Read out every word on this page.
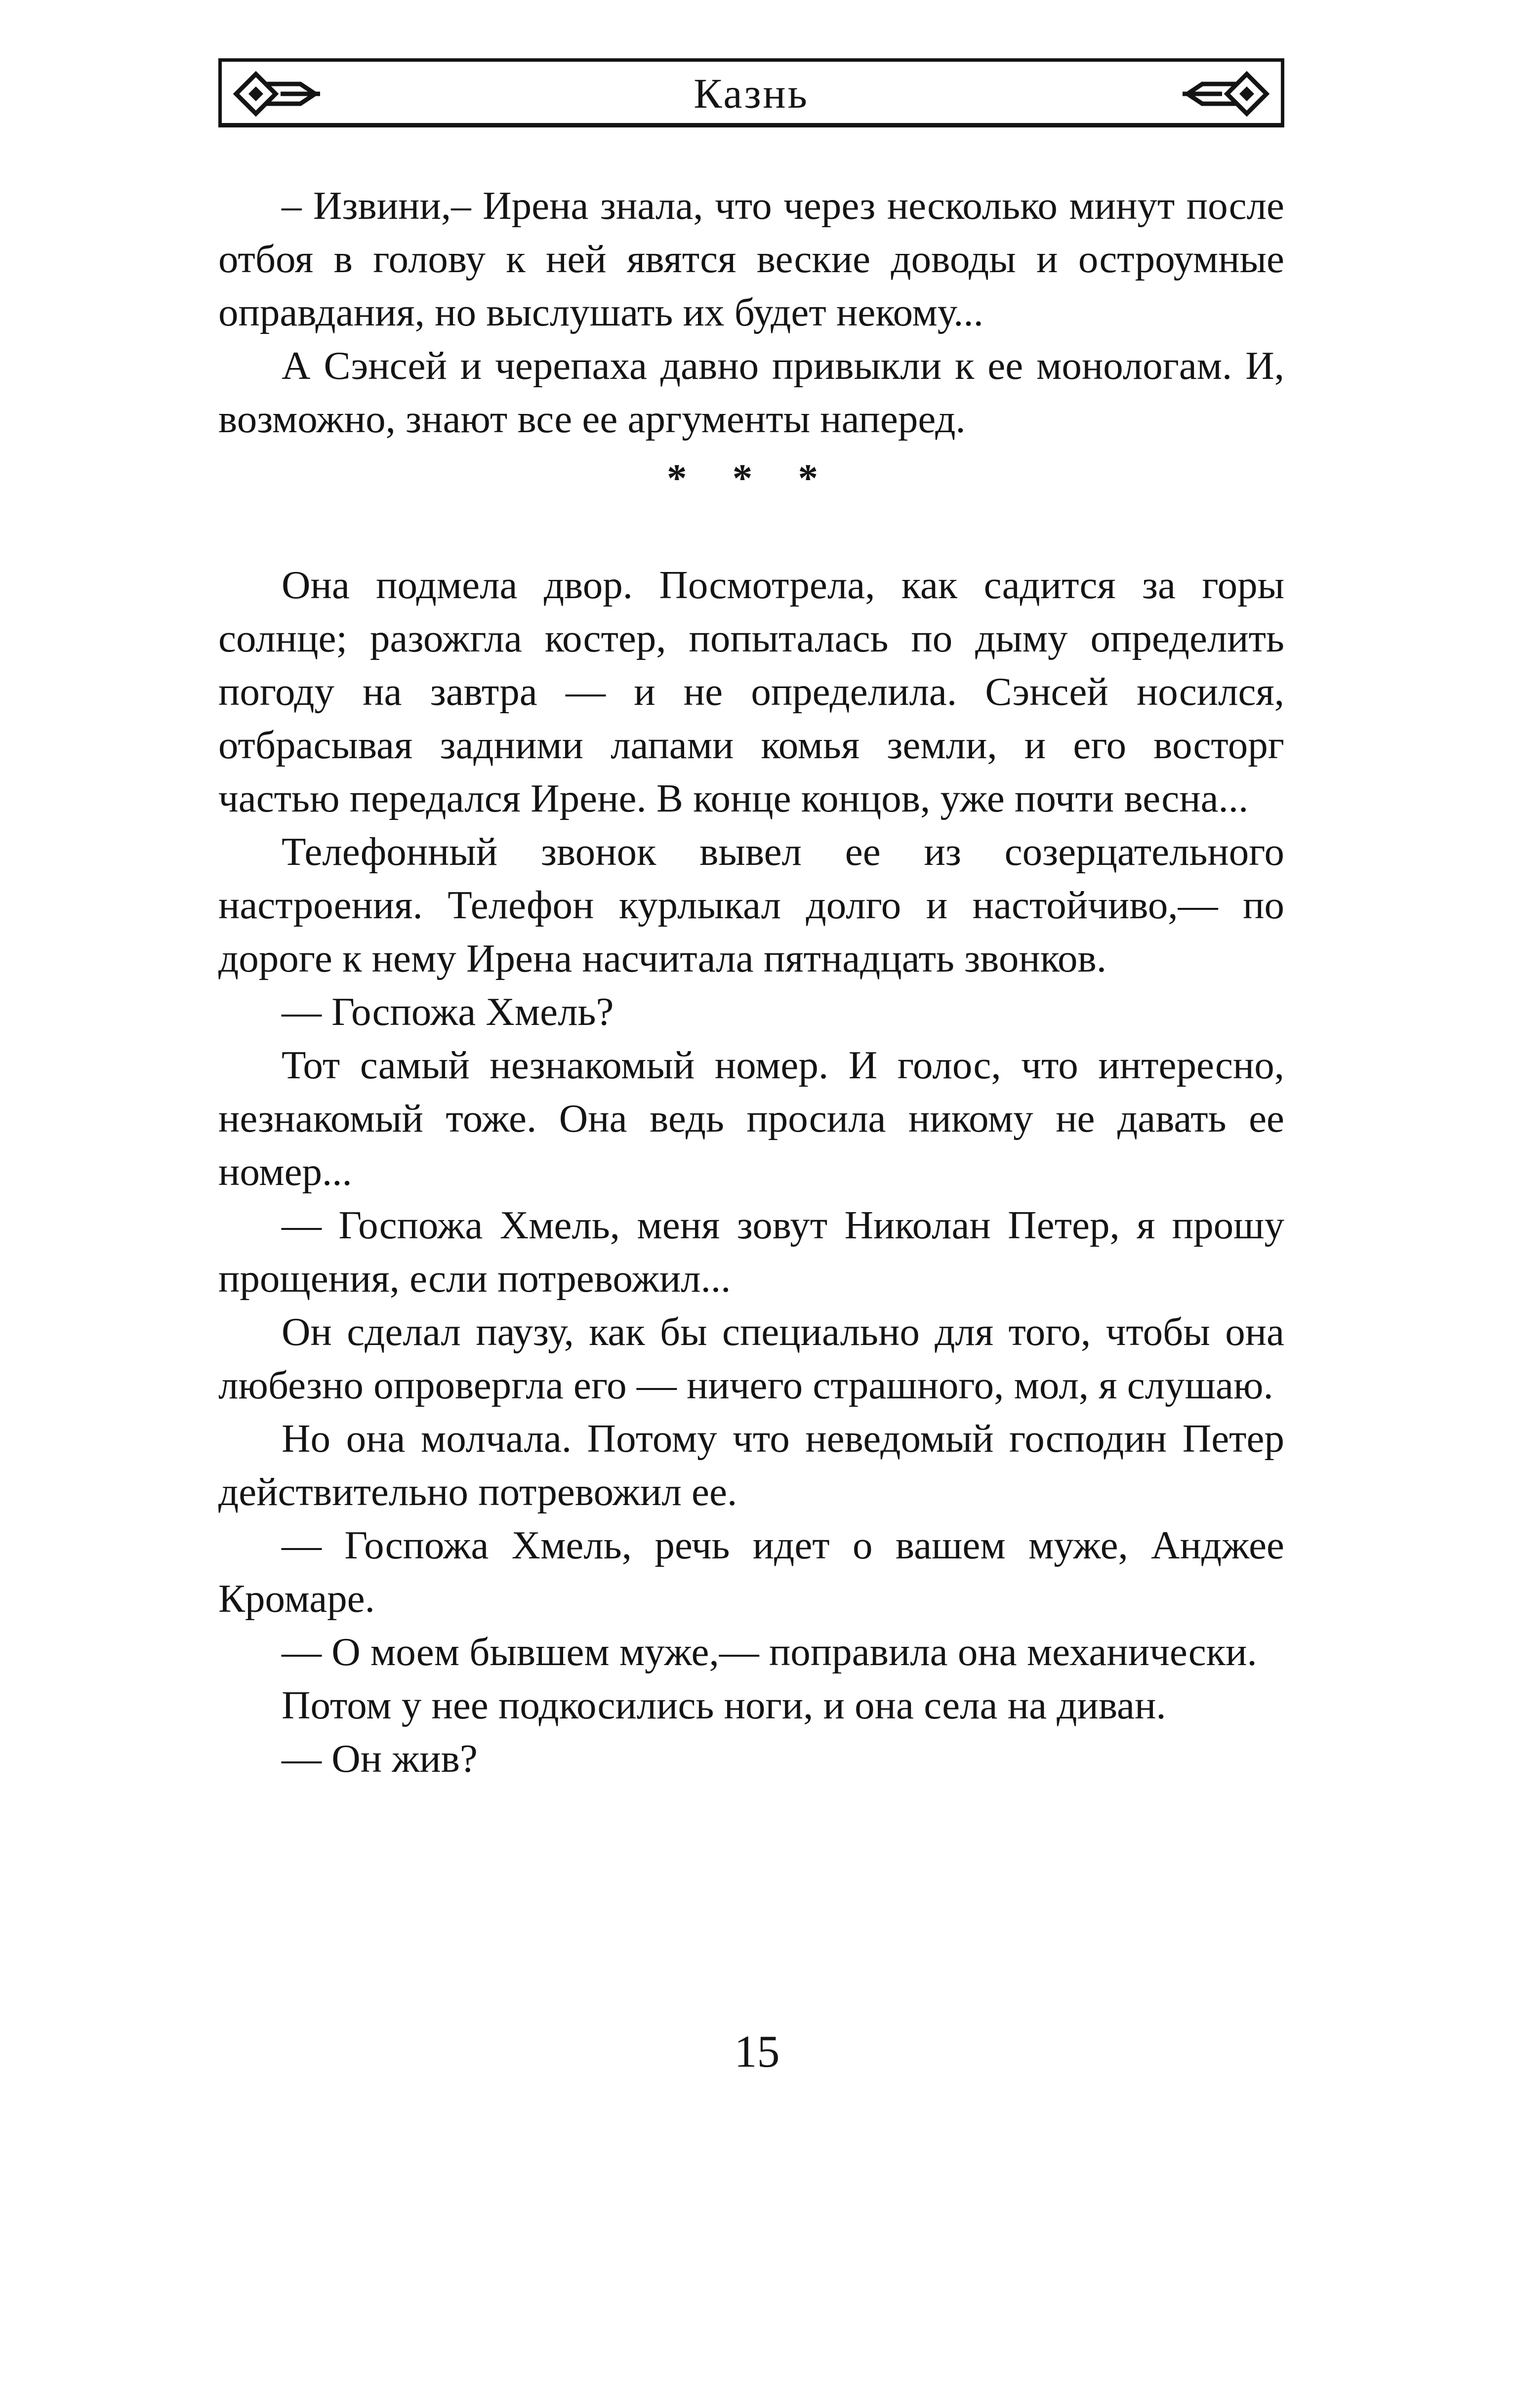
Казнь

– Извини,– Ирена знала, что через несколько минут после отбоя в голову к ней явятся веские доводы и остроумные оправдания, но выслушать их будет некому...

А Сэнсей и черепаха давно привыкли к ее монологам. И, возможно, знают все ее аргументы наперед.

* * *

Она подмела двор. Посмотрела, как садится за горы солнце; разожгла костер, попыталась по дыму определить погоду на завтра — и не определила. Сэнсей носился, отбрасывая задними лапами комья земли, и его восторг частью передался Ирене. В конце концов, уже почти весна...

Телефонный звонок вывел ее из созерцательного настроения. Телефон курлыкал долго и настойчиво,— по дороге к нему Ирена насчитала пятнадцать звонков.

— Госпожа Хмель?

Тот самый незнакомый номер. И голос, что интересно, незнакомый тоже. Она ведь просила никому не давать ее номер...

— Госпожа Хмель, меня зовут Николан Петер, я прошу прощения, если потревожил...

Он сделал паузу, как бы специально для того, чтобы она любезно опровергла его — ничего страшного, мол, я слушаю.

Но она молчала. Потому что неведомый господин Петер действительно потревожил ее.

— Госпожа Хмель, речь идет о вашем муже, Анджее Кромаре.

— О моем бывшем муже,— поправила она механически.

Потом у нее подкосились ноги, и она села на диван.

— Он жив?

15
